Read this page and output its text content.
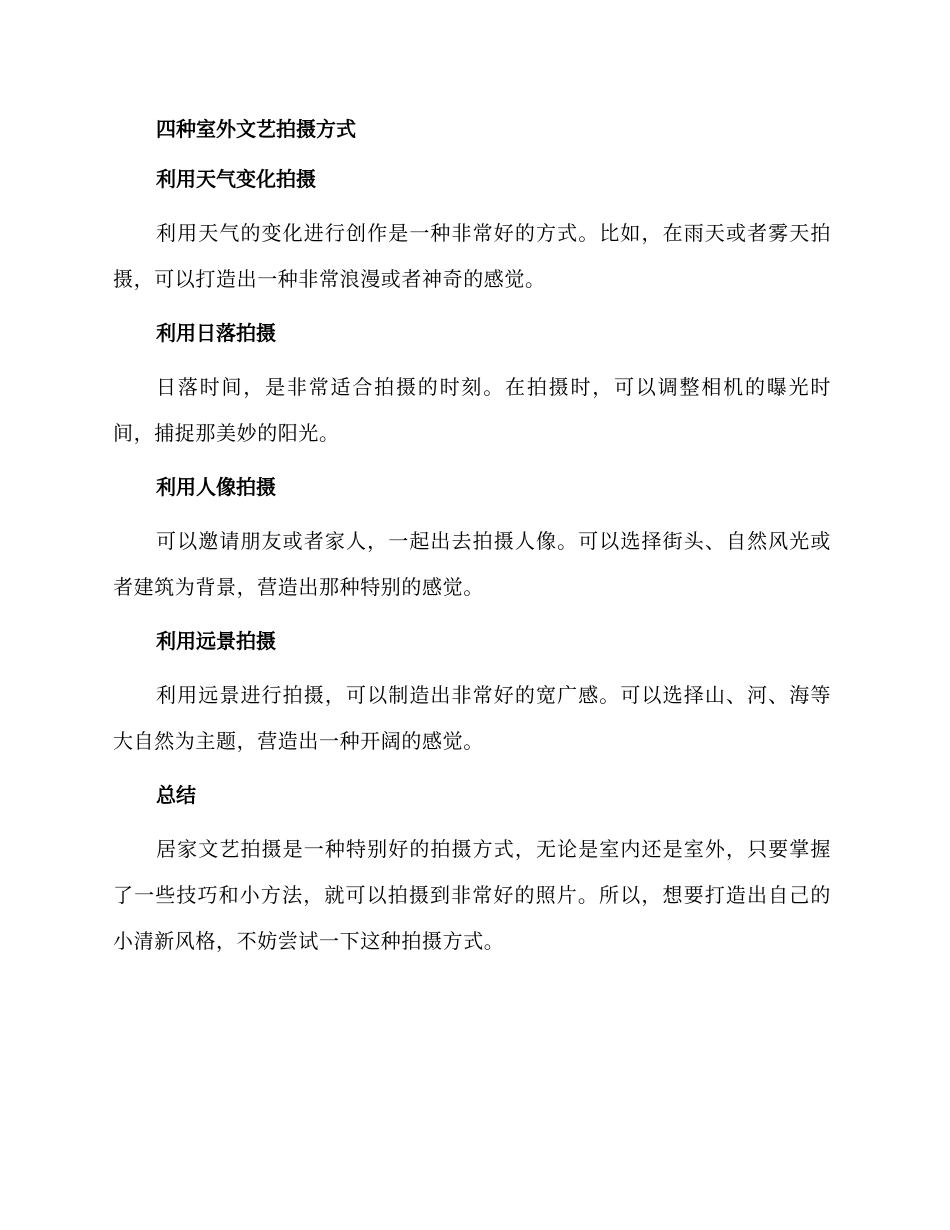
四种室外文艺拍摄方式
利用天气变化拍摄
利用天气的变化进行创作是一种非常好的方式。比如，在雨天或者雾天拍摄，可以打造出一种非常浪漫或者神奇的感觉。
利用日落拍摄
日落时间，是非常适合拍摄的时刻。在拍摄时，可以调整相机的曝光时间，捕捉那美妙的阳光。
利用人像拍摄
可以邀请朋友或者家人，一起出去拍摄人像。可以选择街头、自然风光或者建筑为背景，营造出那种特别的感觉。
利用远景拍摄
利用远景进行拍摄，可以制造出非常好的宽广感。可以选择山、河、海等大自然为主题，营造出一种开阔的感觉。
总结
居家文艺拍摄是一种特别好的拍摄方式，无论是室内还是室外，只要掌握了一些技巧和小方法，就可以拍摄到非常好的照片。所以，想要打造出自己的小清新风格，不妨尝试一下这种拍摄方式。
